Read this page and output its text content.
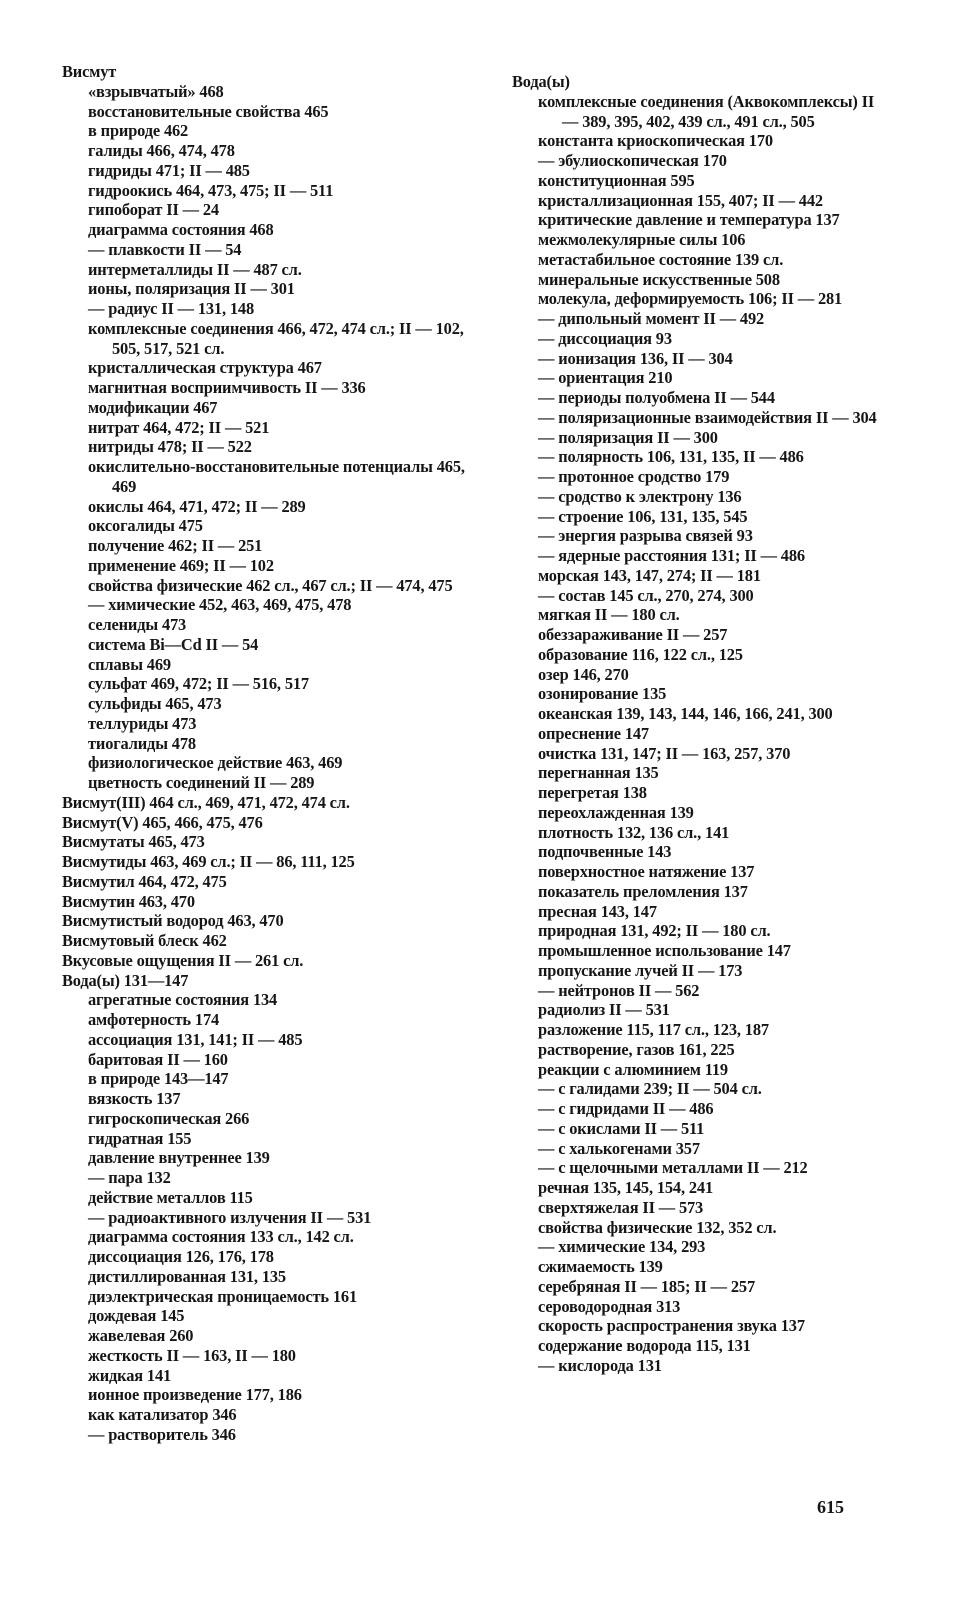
Висмут
«взрывчатый» 468
восстановительные свойства 465
в природе 462
галиды 466, 474, 478
гидриды 471; II — 485
гидроокись 464, 473, 475; II — 511
гипоборат II — 24
диаграмма состояния 468
— плавкости II — 54
интерметаллиды II — 487 сл.
ионы, поляризация II — 301
— радиус II — 131, 148
комплексные соединения 466, 472, 474 сл.; II — 102, 505, 517, 521 сл.
кристаллическая структура 467
магнитная восприимчивость II — 336
модификации 467
нитрат 464, 472; II — 521
нитриды 478; II — 522
окислительно-восстановительные потенциалы 465, 469
окислы 464, 471, 472; II — 289
оксогалиды 475
получение 462; II — 251
применение 469; II — 102
свойства физические 462 сл., 467 сл.; II — 474, 475
— химические 452, 463, 469, 475, 478
селениды 473
система Bi—Cd II — 54
сплавы 469
сульфат 469, 472; II — 516, 517
сульфиды 465, 473
теллуриды 473
тиогалиды 478
физиологическое действие 463, 469
цветность соединений II — 289
Висмут(III) 464 сл., 469, 471, 472, 474 сл.
Висмут(V) 465, 466, 475, 476
Висмутаты 465, 473
Висмутиды 463, 469 сл.; II — 86, 111, 125
Висмутил 464, 472, 475
Висмутин 463, 470
Висмутистый водород 463, 470
Висмутовый блеск 462
Вкусовые ощущения II — 261 сл.
Вода(ы) 131—147
агрегатные состояния 134
амфотерность 174
ассоциация 131, 141; II — 485
баритовая II — 160
в природе 143—147
вязкость 137
гигроскопическая 266
гидратная 155
давление внутреннее 139
— пара 132
действие металлов 115
— радиоактивного излучения II — 531
диаграмма состояния 133 сл., 142 сл.
диссоциация 126, 176, 178
дистиллированная 131, 135
диэлектрическая проницаемость 161
дождевая 145
жавелевая 260
жесткость II — 163, II — 180
жидкая 141
ионное произведение 177, 186
как катализатор 346
— растворитель 346
Вода(ы)
комплексные соединения (Аквокомплексы) II — 389, 395, 402, 439 сл., 491 сл., 505
константа криоскопическая 170
— эбулиоскопическая 170
конституционная 595
кристаллизационная 155, 407; II — 442
критические давление и температура 137
межмолекулярные силы 106
метастабильное состояние 139 сл.
минеральные искусственные 508
молекула, деформируемость 106; II — 281
— дипольный момент II — 492
— диссоциация 93
— ионизация 136, II — 304
— ориентация 210
— периоды полуобмена II — 544
— поляризационные взаимодействия II — 304
— поляризация II — 300
— полярность 106, 131, 135, II — 486
— протонное сродство 179
— сродство к электрону 136
— строение 106, 131, 135, 545
— энергия разрыва связей 93
— ядерные расстояния 131; II — 486
морская 143, 147, 274; II — 181
— состав 145 сл., 270, 274, 300
мягкая II — 180 сл.
обеззараживание II — 257
образование 116, 122 сл., 125
озер 146, 270
озонирование 135
океанская 139, 143, 144, 146, 166, 241, 300
опреснение 147
очистка 131, 147; II — 163, 257, 370
перегнанная 135
перегретая 138
переохлажденная 139
плотность 132, 136 сл., 141
подпочвенные 143
поверхностное натяжение 137
показатель преломления 137
пресная 143, 147
природная 131, 492; II — 180 сл.
промышленное использование 147
пропускание лучей II — 173
— нейтронов II — 562
радиолиз II — 531
разложение 115, 117 сл., 123, 187
растворение, газов 161, 225
реакции с алюминием 119
— с галидами 239; II — 504 сл.
— с гидридами II — 486
— с окислами II — 511
— с халькогенами 357
— с щелочными металлами II — 212
речная 135, 145, 154, 241
сверхтяжелая II — 573
свойства физические 132, 352 сл.
— химические 134, 293
сжимаемость 139
серебряная II — 185; II — 257
сероводородная 313
скорость распространения звука 137
содержание водорода 115, 131
— кислорода 131
615
